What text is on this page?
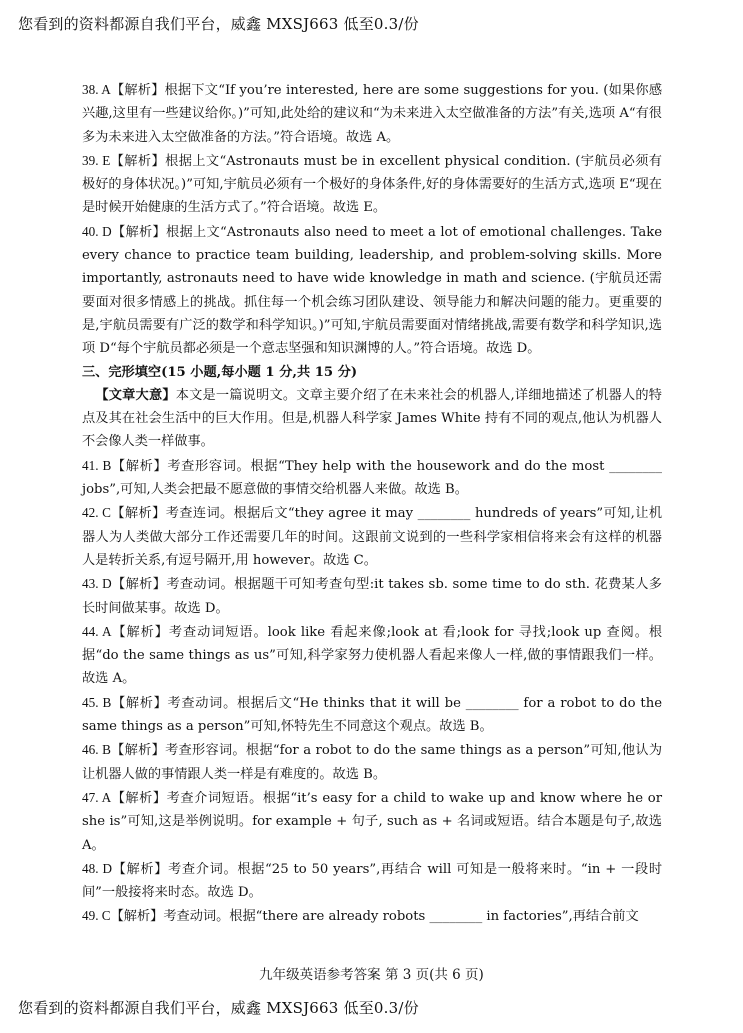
您看到的资料都源自我们平台，威鑫 MXSJ663 低至0.3/份

38. A【解析】根据下文“If you’re interested, here are some suggestions for you. (如果你感兴趣,这里有一些建议给你。)”可知,此处给的建议和“为未来进入太空做准备的方法”有关,选项 A“有很多为未来进入太空做准备的方法。”符合语境。故选 A。

39. E【解析】根据上文“Astronauts must be in excellent physical condition. (宇航员必须有极好的身体状况。)”可知,宇航员必须有一个极好的身体条件,好的身体需要好的生活方式,选项 E“现在是时候开始健康的生活方式了。”符合语境。故选 E。

40. D【解析】根据上文“Astronauts also need to meet a lot of emotional challenges. Take every chance to practice team building, leadership, and problem-solving skills. More importantly, astronauts need to have wide knowledge in math and science. (宇航员还需要面对很多情感上的挑战。抓住每一个机会练习团队建设、领导能力和解决问题的能力。更重要的是,宇航员需要有广泛的数学和科学知识。)”可知,宇航员需要面对情绪挑战,需要有数学和科学知识,选项 D“每个宇航员都必须是一个意志坚强和知识渊博的人。”符合语境。故选 D。

三、完形填空(15 小题,每小题 1 分,共 15 分)

 【文章大意】本文是一篇说明文。文章主要介绍了在未来社会的机器人,详细地描述了机器人的特点及其在社会生活中的巨大作用。但是,机器人科学家 James White 持有不同的观点,他认为机器人不会像人类一样做事。

41. B【解析】考查形容词。根据“They help with the housework and do the most ________ jobs”,可知,人类会把最不愿意做的事情交给机器人来做。故选 B。

42. C【解析】考查连词。根据后文“they agree it may ________ hundreds of years”可知,让机器人为人类做大部分工作还需要几年的时间。这跟前文说到的一些科学家相信将来会有这样的机器人是转折关系,有逗号隔开,用 however。故选 C。

43. D【解析】考查动词。根据题干可知考查句型:it takes sb. some time to do sth. 花费某人多长时间做某事。故选 D。

44. A【解析】考查动词短语。look like 看起来像;look at 看;look for 寻找;look up 查阅。根据“do the same things as us”可知,科学家努力使机器人看起来像人一样,做的事情跟我们一样。故选 A。

45. B【解析】考查动词。根据后文“He thinks that it will be ________ for a robot to do the same things as a person”可知,怀特先生不同意这个观点。故选 B。

46. B【解析】考查形容词。根据“for a robot to do the same things as a person”可知,他认为让机器人做的事情跟人类一样是有难度的。故选 B。

47. A【解析】考查介词短语。根据“it’s easy for a child to wake up and know where he or she is”可知,这是举例说明。for example + 句子, such as + 名词或短语。结合本题是句子,故选 A。

48. D【解析】考查介词。根据“25 to 50 years”,再结合 will 可知是一般将来时。“in + 一段时间”一般接将来时态。故选 D。

49. C【解析】考查动词。根据“there are already robots ________ in factories”,再结合前文

九年级英语参考答案 第 3 页(共 6 页)
您看到的资料都源自我们平台，威鑫 MXSJ663 低至0.3/份
